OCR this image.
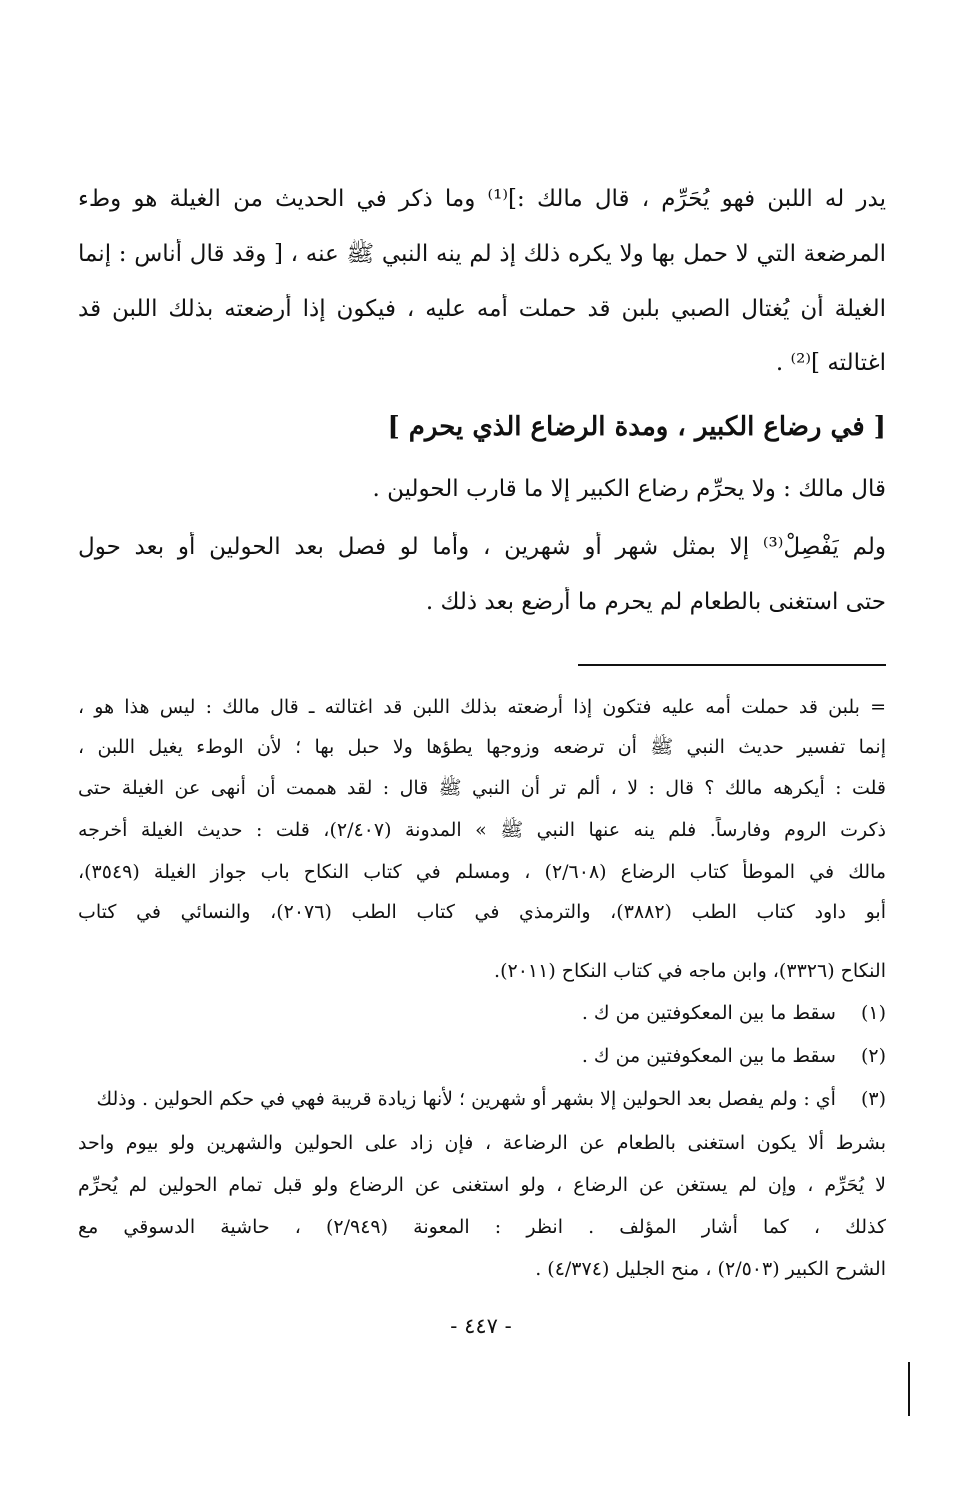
يدر له اللبن فهو يُحَرِّم ، قال مالك :]⁽¹⁾ وما ذكر في الحديث من الغيلة هو وطء
المرضعة التي لا حمل بها ولا يكره ذلك إذ لم ينه النبي ﷺ عنه ، [ وقد قال أناس : إنما
الغيلة أن يُغتال الصبي بلبن قد حملت أمه عليه ، فيكون إذا أرضعته بذلك اللبن قد
اغتالته ]⁽²⁾ .
[ في رضاع الكبير ، ومدة الرضاع الذي يحرم ]
قال مالك : ولا يحرِّم رضاع الكبير إلا ما قارب الحولين .
ولم يَفْصِلْ⁽³⁾ إلا بمثل شهر أو شهرين ، وأما لو فصل بعد الحولين أو بعد حول
حتى استغنى بالطعام لم يحرم ما أرضع بعد ذلك .
= بلبن قد حملت أمه عليه فتكون إذا أرضعته بذلك اللبن قد اغتالته ـ قال مالك : ليس هذا هو ،
إنما تفسير حديث النبي ﷺ أن ترضعه وزوجها يطؤها ولا حبل بها ؛ لأن الوطء يغيل اللبن ،
قلت : أيكرهه مالك ؟ قال : لا ، ألم تر أن النبي ﷺ قال : لقد هممت أن أنهى عن الغيلة حتى
ذكرت الروم وفارساً. فلم ينه عنها النبي ﷺ » المدونة (٢/٤٠٧)، قلت : حديث الغيلة أخرجه
مالك في الموطأ كتاب الرضاع (٢/٦٠٨) ، ومسلم في كتاب النكاح باب جواز الغيلة (٣٥٤٩)،
أبو داود كتاب الطب (٣٨٨٢)، والترمذي في كتاب الطب (٢٠٧٦)، والنسائي في كتاب
النكاح (٣٣٢٦)، وابن ماجه في كتاب النكاح (٢٠١١).
(١) سقط ما بين المعكوفتين من ك .
(٢) سقط ما بين المعكوفتين من ك .
(٣) أي : ولم يفصل بعد الحولين إلا بشهر أو شهرين ؛ لأنها زيادة قريبة فهي في حكم الحولين . وذلك
بشرط ألا يكون استغنى بالطعام عن الرضاعة ، فإن زاد على الحولين والشهرين ولو بيوم واحد
لا يُحَرِّم ، وإن لم يستغن عن الرضاع ، ولو استغنى عن الرضاع ولو قبل تمام الحولين لم يُحرِّم
كذلك ، كما أشار المؤلف . انظر : المعونة (٢/٩٤٩) ، حاشية الدسوقي مع
الشرح الكبير (٢/٥٠٣) ، منح الجليل (٤/٣٧٤) .
- ٤٤٧ -
